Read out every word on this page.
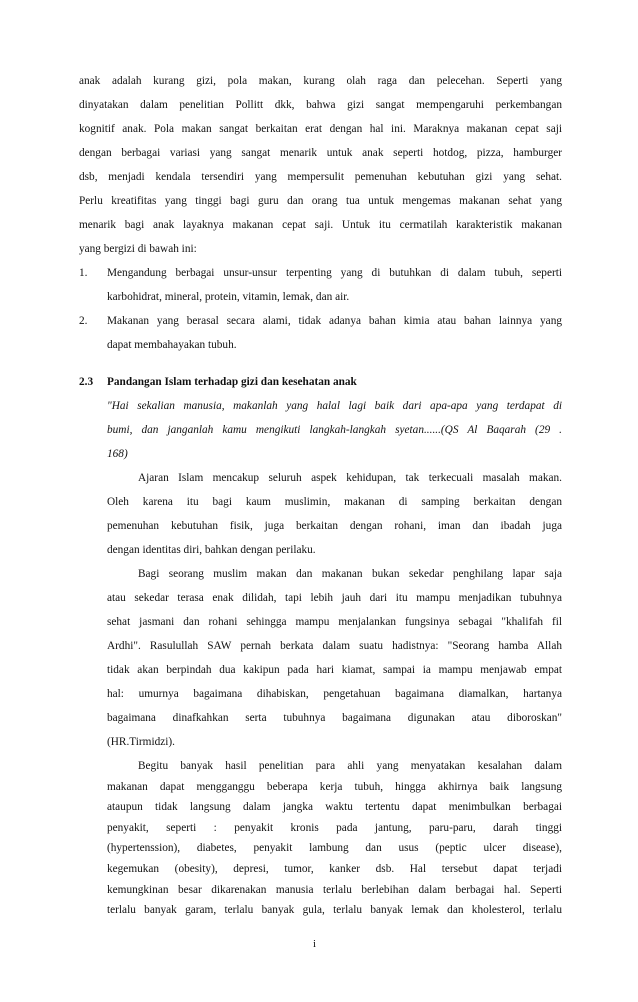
anak adalah kurang gizi, pola makan, kurang olah raga dan pelecehan. Seperti yang
dinyatakan dalam penelitian Pollitt dkk, bahwa gizi sangat mempengaruhi perkembangan
kognitif anak. Pola makan sangat berkaitan erat dengan hal ini. Maraknya makanan cepat saji
dengan berbagai variasi yang sangat menarik untuk anak seperti hotdog, pizza, hamburger
dsb, menjadi kendala tersendiri yang mempersulit pemenuhan kebutuhan gizi yang sehat.
Perlu kreatifitas yang tinggi bagi guru dan orang tua untuk mengemas makanan sehat yang
menarik bagi anak layaknya makanan cepat saji. Untuk itu cermatilah karakteristik makanan
yang bergizi di bawah ini:
1. Mengandung berbagai unsur-unsur terpenting yang di butuhkan di dalam tubuh, seperti
karbohidrat, mineral, protein, vitamin, lemak, dan air.
2. Makanan yang berasal secara alami, tidak adanya bahan kimia atau bahan lainnya yang
dapat membahayakan tubuh.
2.3 Pandangan Islam terhadap gizi dan kesehatan anak
"Hai sekalian manusia, makanlah yang halal lagi baik dari apa-apa yang terdapat di
bumi, dan janganlah kamu mengikuti langkah-langkah syetan......(QS Al Baqarah (29 .
168)
Ajaran Islam mencakup seluruh aspek kehidupan, tak terkecuali masalah makan.
Oleh karena itu bagi kaum muslimin, makanan di samping berkaitan dengan
pemenuhan kebutuhan fisik, juga berkaitan dengan rohani, iman dan ibadah juga
dengan identitas diri, bahkan dengan perilaku.
Bagi seorang muslim makan dan makanan bukan sekedar penghilang lapar saja
atau sekedar terasa enak dilidah, tapi lebih jauh dari itu mampu menjadikan tubuhnya
sehat jasmani dan rohani sehingga mampu menjalankan fungsinya sebagai "khalifah fil
Ardhi". Rasulullah SAW pernah berkata dalam suatu hadistnya: "Seorang hamba Allah
tidak akan berpindah dua kakipun pada hari kiamat, sampai ia mampu menjawab empat
hal: umurnya bagaimana dihabiskan, pengetahuan bagaimana diamalkan, hartanya
bagaimana dinafkahkan serta tubuhnya bagaimana digunakan atau diboroskan"
(HR.Tirmidzi).
Begitu banyak hasil penelitian para ahli yang menyatakan kesalahan dalam
makanan dapat mengganggu beberapa kerja tubuh, hingga akhirnya baik langsung
ataupun tidak langsung dalam jangka waktu tertentu dapat menimbulkan berbagai
penyakit, seperti : penyakit kronis pada jantung, paru-paru, darah tinggi
(hypertenssion), diabetes, penyakit lambung dan usus (peptic ulcer disease),
kegemukan (obesity), depresi, tumor, kanker dsb. Hal tersebut dapat terjadi
kemungkinan besar dikarenakan manusia terlalu berlebihan dalam berbagai hal. Seperti
i
terlalu banyak garam, terlalu banyak gula, terlalu banyak lemak dan kholesterol, terlalu
